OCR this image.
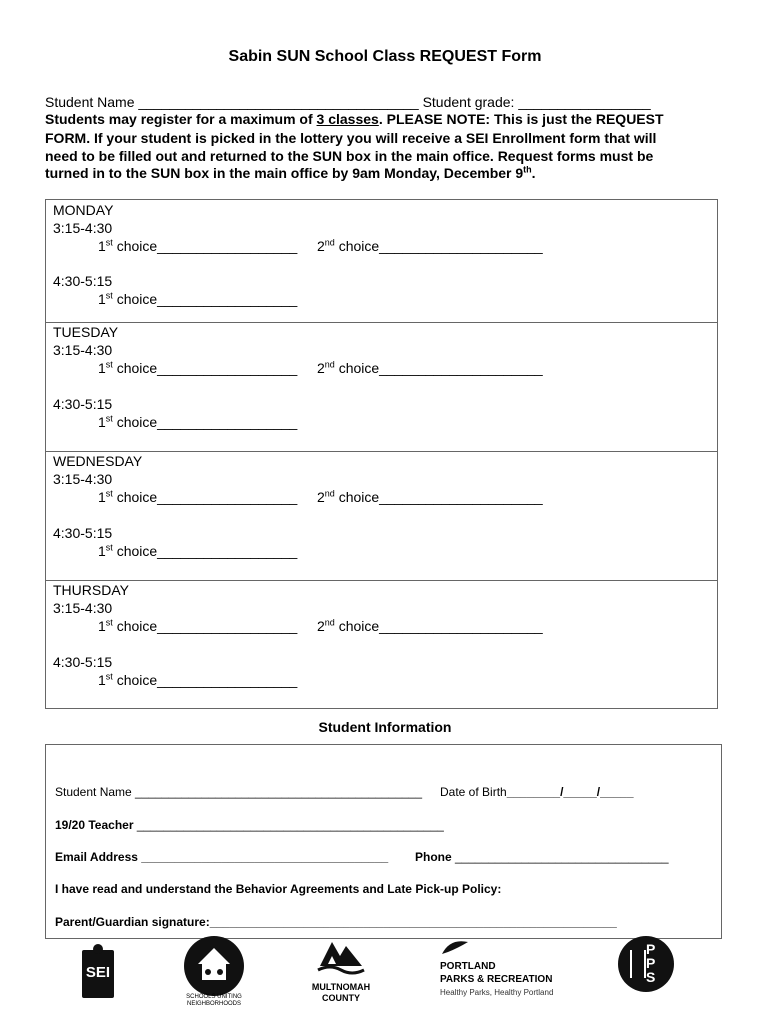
Sabin SUN School Class REQUEST Form
Student Name ____________________________________ Student grade: _________________
Students may register for a maximum of 3 classes. PLEASE NOTE: This is just the REQUEST
FORM. If your student is picked in the lottery you will receive a SEI Enrollment form that will
need to be filled out and returned to the SUN box in the main office. Request forms must be
turned in to the SUN box in the main office by 9am Monday, December 9th.
MONDAY
3:15-4:30
1st choice__________________ 2nd choice_____________________
4:30-5:15
1st choice__________________
TUESDAY
3:15-4:30
1st choice__________________ 2nd choice_____________________
4:30-5:15
1st choice__________________
WEDNESDAY
3:15-4:30
1st choice__________________ 2nd choice_____________________
4:30-5:15
1st choice__________________
THURSDAY
3:15-4:30
1st choice__________________ 2nd choice_____________________
4:30-5:15
1st choice__________________
Student Information
Student Name ___________________________________________ Date of Birth________/_____/_____
19/20 Teacher ______________________________________________
Email Address _____________________________________ Phone ________________________________
I have read and understand the Behavior Agreements and Late Pick-up Policy:
Parent/Guardian signature:_____________________________________________________________
SEI
SCHOOLS UNITING
NEIGHBORHOODS
MULTNOMAH
COUNTY
PORTLAND
PARKS & RECREATION
Healthy Parks, Healthy Portland
P
P
S
